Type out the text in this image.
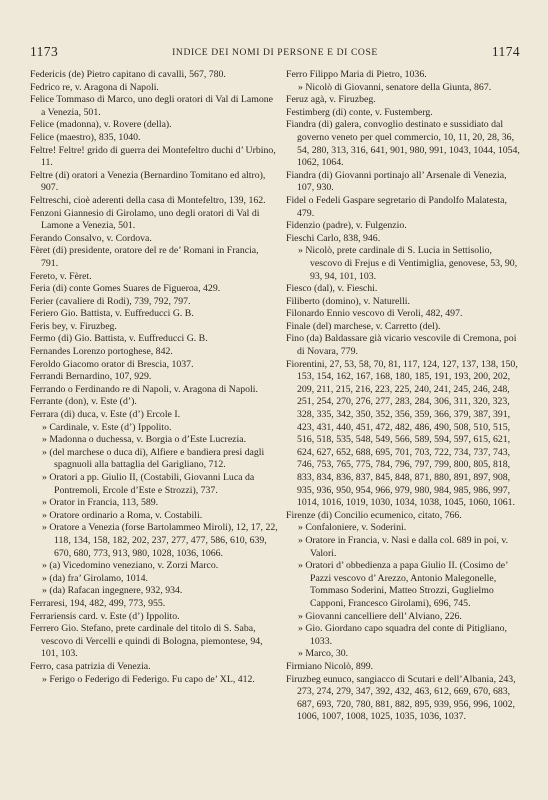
1173	INDICE DEI NOMI DI PERSONE E DI COSE	1174
Federicis (de) Pietro capitano di cavalli, 567, 780.
Fedrico re, v. Aragona di Napoli.
Felice Tommaso di Marco, uno degli oratori di Val di Lamone a Venezia, 501.
Felice (madonna), v. Rovere (della).
Felice (maestro), 835, 1040.
Feltre! Feltre! grido di guerra dei Montefeltro duchi d’ Urbino, 11.
Feltre (di) oratori a Venezia (Bernardino Tomitano ed altro), 907.
Feltreschi, cioè aderenti della casa di Montefeltro, 139, 162.
Fenzoni Giannesio di Girolamo, uno degli oratori di Val di Lamone a Venezia, 501.
Ferando Consalvo, v. Cordova.
Fèret (di) presidente, oratore del re de’ Romani in Francia, 791.
Fereto, v. Fèret.
Feria (di) conte Gomes Suares de Figueroa, 429.
Ferier (cavaliere di Rodi), 739, 792, 797.
Feriero Gio. Battista, v. Euffreducci G. B.
Feris bey, v. Firuzbeg.
Fermo (di) Gio. Battista, v. Euffreducci G. B.
Fernandes Lorenzo portoghese, 842.
Feroldo Giacomo orator di Brescia, 1037.
Ferrandi Bernardino, 107, 929.
Ferrando o Ferdinando re di Napoli, v. Aragona di Napoli.
Ferrante (don), v. Este (d’).
Ferrara (di) duca, v. Este (d’) Ercole I.
» Cardinale, v. Este (d’) Ippolito.
» Madonna o duchessa, v. Borgia o d’Este Lucrezia.
» (del marchese o duca di), Alfiere e bandiera presi dagli spagnuoli alla battaglia del Garigliano, 712.
» Oratori a pp. Giulio II, (Costabili, Giovanni Luca da Pontremoli, Ercole d’Este e Strozzi), 737.
» Orator in Francia, 113, 589.
» Oratore ordinario a Roma, v. Costabili.
» Oratore a Venezia (forse Bartolammeo Miroli), 12, 17, 22, 118, 134, 158, 182, 202, 237, 277, 477, 586, 610, 639, 670, 680, 773, 913, 980, 1028, 1036, 1066.
» (a) Vicedomino veneziano, v. Zorzi Marco.
» (da) fra’ Girolamo, 1014.
» (da) Rafacan ingegnere, 932, 934.
Ferraresi, 194, 482, 499, 773, 955.
Ferrariensis card. v. Este (d’) Ippolito.
Ferrero Gio. Stefano, prete cardinale del titolo di S. Saba, vescovo di Vercelli e quindi di Bologna, piemontese, 94, 101, 103.
Ferro, casa patrizia di Venezia.
» Ferigo o Federigo di Federigo. Fu capo de’ XL, 412.
Ferro Filippo Maria di Pietro, 1036.
» Nicolò di Giovanni, senatore della Giunta, 867.
Feruz agà, v. Firuzbeg.
Festimberg (di) conte, v. Fustemberg.
Fiandra (di) galera, convoglio destinato e sussidiato dal governo veneto per quel commercio, 10, 11, 20, 28, 36, 54, 280, 313, 316, 641, 901, 980, 991, 1043, 1044, 1054, 1062, 1064.
Fiandra (di) Giovanni portinajo all’ Arsenale di Venezia, 107, 930.
Fidel o Fedeli Gaspare segretario di Pandolfo Malatesta, 479.
Fidenzio (padre), v. Fulgenzio.
Fieschi Carlo, 838, 946.
» Nicolò, prete cardinale di S. Lucia in Settisolio, vescovo di Frejus e di Ventimiglia, genovese, 53, 90, 93, 94, 101, 103.
Fiesco (dal), v. Fieschi.
Filiberto (domino), v. Naturelli.
Filonardo Ennio vescovo di Veroli, 482, 497.
Finale (del) marchese, v. Carretto (del).
Fino (da) Baldassare già vicario vescovile di Cremona, poi di Novara, 779.
Fiorentini, 27, 53, 58, 70, 81, 117, 124, 127, 137, 138, 150, 153, 154, 162, 167, 168, 180, 185, 191, 193, 200, 202, 209, 211, 215, 216, 223, 225, 240, 241, 245, 246, 248, 251, 254, 270, 276, 277, 283, 284, 306, 311, 320, 323, 328, 335, 342, 350, 352, 356, 359, 366, 379, 387, 391, 423, 431, 440, 451, 472, 482, 486, 490, 508, 510, 515, 516, 518, 535, 548, 549, 566, 589, 594, 597, 615, 621, 624, 627, 652, 688, 695, 701, 703, 722, 734, 737, 743, 746, 753, 765, 775, 784, 796, 797, 799, 800, 805, 818, 833, 834, 836, 837, 845, 848, 871, 880, 891, 897, 908, 935, 936, 950, 954, 966, 979, 980, 984, 985, 986, 997, 1014, 1016, 1019, 1030, 1034, 1038, 1045, 1060, 1061.
Firenze (di) Concilio ecumenico, citato, 766.
» Confaloniere, v. Soderini.
» Oratore in Francia, v. Nasi e dalla col. 689 in poi, v. Valori.
» Oratori d’ obbedienza a papa Giulio II. (Cosimo de’ Pazzi vescovo d’ Arezzo, Antonio Malegonelle, Tommaso Soderini, Matteo Strozzi, Guglielmo Capponi, Francesco Girolami), 696, 745.
» Giovanni cancelliere dell’ Alviano, 226.
» Gio. Giordano capo squadra del conte di Pitigliano, 1033.
» Marco, 30.
Firmiano Nicolò, 899.
Firuzbeg eunuco, sangiacco di Scutari e dell’Albania, 243, 273, 274, 279, 347, 392, 432, 463, 612, 669, 670, 683, 687, 693, 720, 780, 881, 882, 895, 939, 956, 996, 1002, 1006, 1007, 1008, 1025, 1035, 1036, 1037.
